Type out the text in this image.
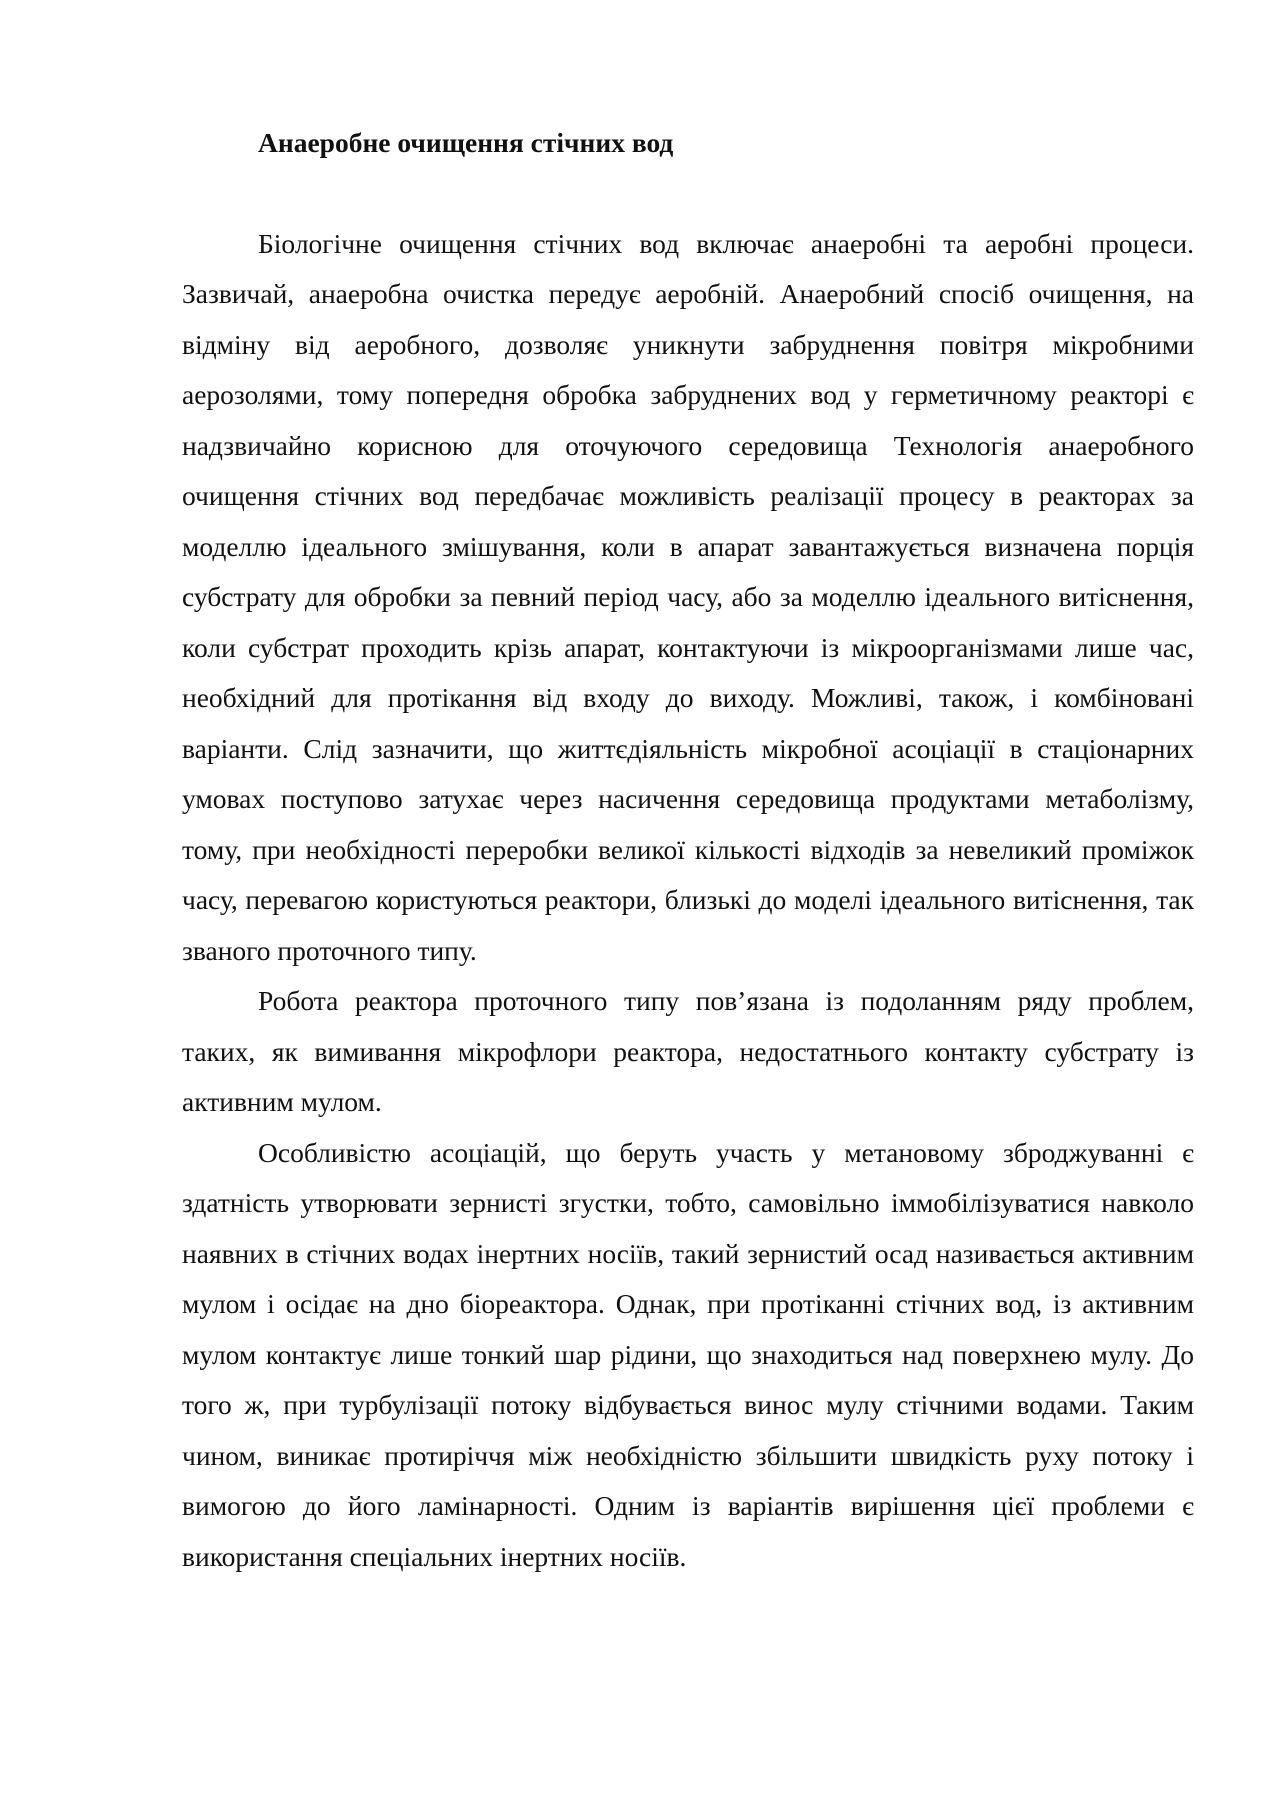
Анаеробне очищення стічних вод

Біологічне очищення стічних вод включає анаеробні та аеробні процеси. Зазвичай, анаеробна очистка передує аеробній. Анаеробний спосіб очищення, на відміну від аеробного, дозволяє уникнути забруднення повітря мікробними аерозолями, тому попередня обробка забруднених вод у герметичному реакторі є надзвичайно корисною для оточуючого середовища Технологія анаеробного очищення стічних вод передбачає можливість реалізації процесу в реакторах за моделлю ідеального змішування, коли в апарат завантажується визначена порція субстрату для обробки за певний період часу, або за моделлю ідеального витіснення, коли субстрат проходить крізь апарат, контактуючи із мікроорганізмами лише час, необхідний для протікання від входу до виходу. Можливі, також, і комбіновані варіанти. Слід зазначити, що життєдіяльність мікробної асоціації в стаціонарних умовах поступово затухає через насичення середовища продуктами метаболізму, тому, при необхідності переробки великої кількості відходів за невеликий проміжок часу, перевагою користуються реактори, близькі до моделі ідеального витіснення, так званого проточного типу.

Робота реактора проточного типу пов’язана із подоланням ряду проблем, таких, як вимивання мікрофлори реактора, недостатнього контакту субстрату із активним мулом.

Особливістю асоціацій, що беруть участь у метановому зброджуванні є здатність утворювати зернисті згустки, тобто, самовільно іммобілізуватися навколо наявних в стічних водах інертних носіїв, такий зернистий осад називається активним мулом і осідає на дно біореактора. Однак, при протіканні стічних вод, із активним мулом контактує лише тонкий шар рідини, що знаходиться над поверхнею мулу. До того ж, при турбулізації потоку відбувається винос мулу стічними водами. Таким чином, виникає протиріччя між необхідністю збільшити швидкість руху потоку і вимогою до його ламінарності. Одним із варіантів вирішення цієї проблеми є використання спеціальних інертних носіїв.
